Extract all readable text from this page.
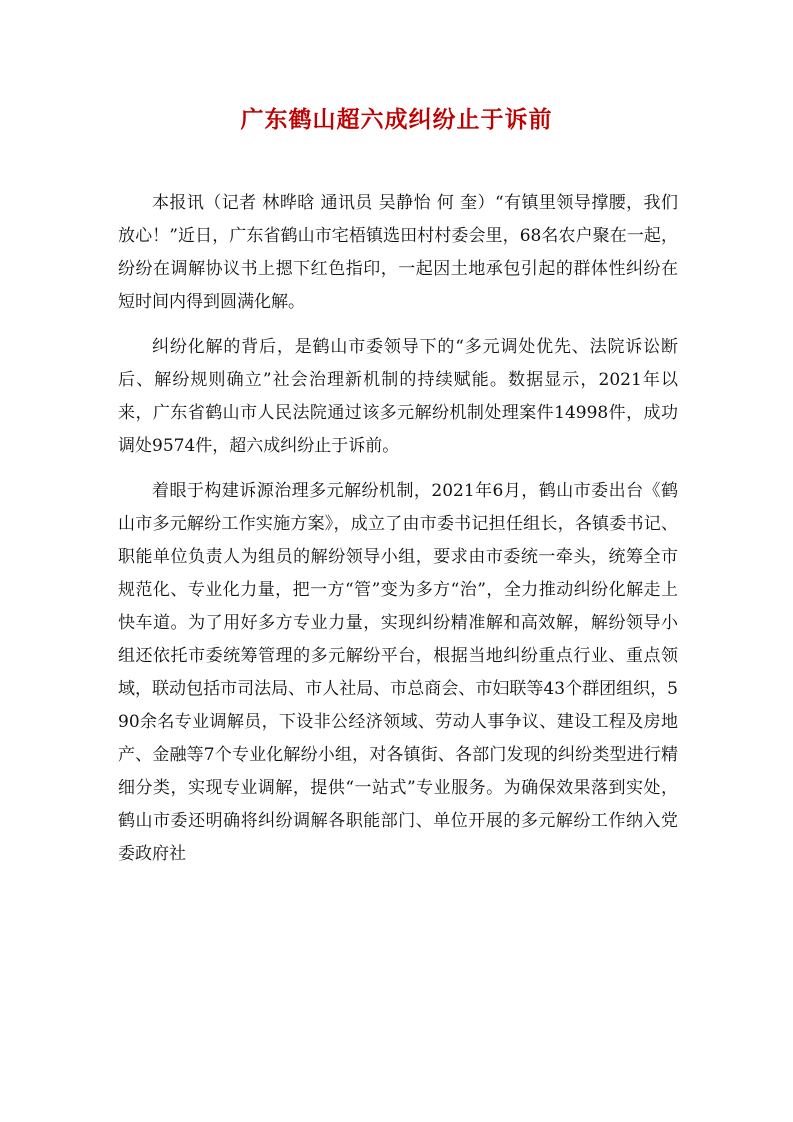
广东鹤山超六成纠纷止于诉前

本报讯（记者 林晔晗 通讯员 吴静怡 何 奎）“有镇里领导撑腰，我们放心！”近日，广东省鹤山市宅梧镇选田村村委会里，68名农户聚在一起，纷纷在调解协议书上摁下红色指印，一起因土地承包引起的群体性纠纷在短时间内得到圆满化解。

纠纷化解的背后，是鹤山市委领导下的“多元调处优先、法院诉讼断后、解纷规则确立”社会治理新机制的持续赋能。数据显示，2021年以来，广东省鹤山市人民法院通过该多元解纷机制处理案件14998件，成功调处9574件，超六成纠纷止于诉前。

着眼于构建诉源治理多元解纷机制，2021年6月，鹤山市委出台《鹤山市多元解纷工作实施方案》，成立了由市委书记担任组长，各镇委书记、职能单位负责人为组员的解纷领导小组，要求由市委统一牵头，统筹全市规范化、专业化力量，把一方“管”变为多方“治”，全力推动纠纷化解走上快车道。为了用好多方专业力量，实现纠纷精准解和高效解，解纷领导小组还依托市委统筹管理的多元解纷平台，根据当地纠纷重点行业、重点领域，联动包括市司法局、市人社局、市总商会、市妇联等43个群团组织，590余名专业调解员，下设非公经济领域、劳动人事争议、建设工程及房地产、金融等7个专业化解纷小组，对各镇街、各部门发现的纠纷类型进行精细分类，实现专业调解，提供“一站式”专业服务。为确保效果落到实处，鹤山市委还明确将纠纷调解各职能部门、单位开展的多元解纷工作纳入党委政府社
